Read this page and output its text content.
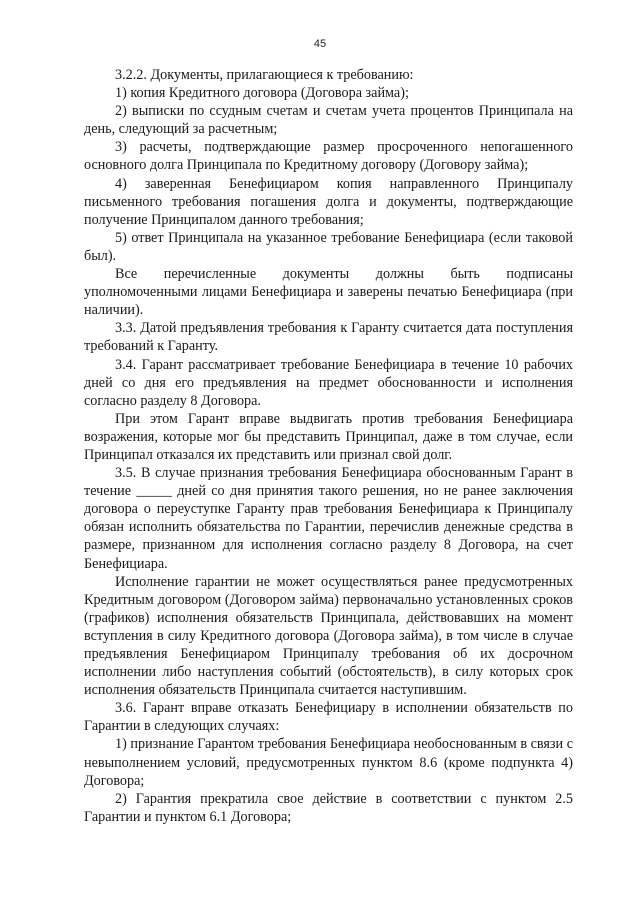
45

3.2.2. Документы, прилагающиеся к требованию:

1) копия Кредитного договора (Договора займа);

2) выписки по ссудным счетам и счетам учета процентов Принципала на день, следующий за расчетным;

3) расчеты, подтверждающие размер просроченного непогашенного основного долга Принципала по Кредитному договору (Договору займа);

4) заверенная Бенефициаром копия направленного Принципалу письменного требования погашения долга и документы, подтверждающие получение Принципалом данного требования;

5) ответ Принципала на указанное требование Бенефициара (если таковой был).

Все перечисленные документы должны быть подписаны уполномоченными лицами Бенефициара и заверены печатью Бенефициара (при наличии).

3.3. Датой предъявления требования к Гаранту считается дата поступления требований к Гаранту.

3.4. Гарант рассматривает требование Бенефициара в течение 10 рабочих дней со дня его предъявления на предмет обоснованности и исполнения согласно разделу 8 Договора.

При этом Гарант вправе выдвигать против требования Бенефициара возражения, которые мог бы представить Принципал, даже в том случае, если Принципал отказался их представить или признал свой долг.

3.5. В случае признания требования Бенефициара обоснованным Гарант в течение _____ дней со дня принятия такого решения, но не ранее заключения договора о переуступке Гаранту прав требования Бенефициара к Принципалу обязан исполнить обязательства по Гарантии, перечислив денежные средства в размере, признанном для исполнения согласно разделу 8 Договора, на счет Бенефициара.

Исполнение гарантии не может осуществляться ранее предусмотренных Кредитным договором (Договором займа) первоначально установленных сроков (графиков) исполнения обязательств Принципала, действовавших на момент вступления в силу Кредитного договора (Договора займа), в том числе в случае предъявления Бенефициаром Принципалу требования об их досрочном исполнении либо наступления событий (обстоятельств), в силу которых срок исполнения обязательств Принципала считается наступившим.

3.6. Гарант вправе отказать Бенефициару в исполнении обязательств по Гарантии в следующих случаях:

1) признание Гарантом требования Бенефициара необоснованным в связи с невыполнением условий, предусмотренных пунктом 8.6 (кроме подпункта 4) Договора;

2) Гарантия прекратила свое действие в соответствии с пунктом 2.5 Гарантии и пунктом 6.1 Договора;
